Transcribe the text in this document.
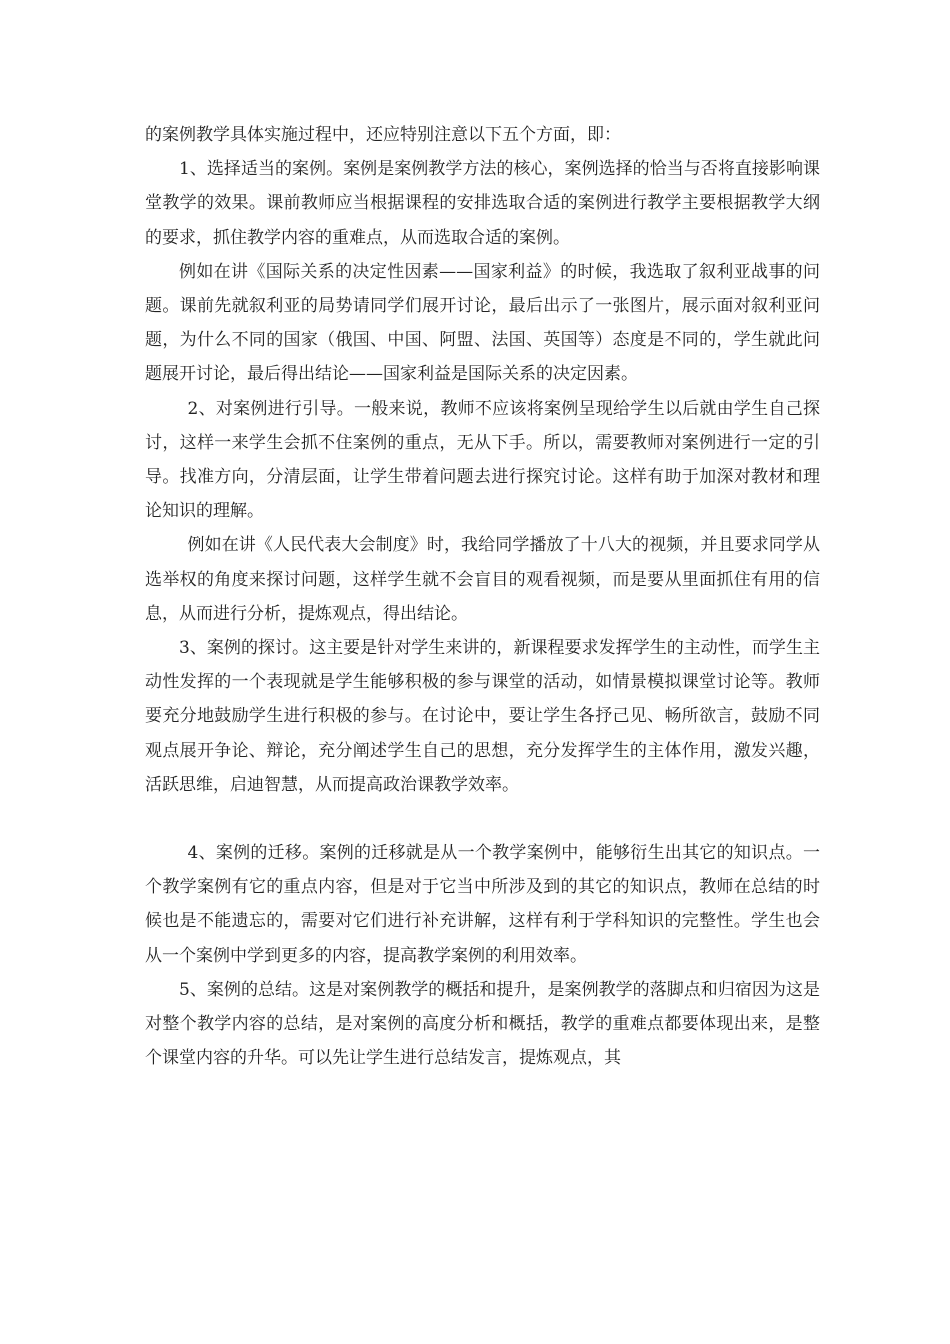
的案例教学具体实施过程中，还应特别注意以下五个方面，即：

1、选择适当的案例。案例是案例教学方法的核心，案例选择的恰当与否将直接影响课堂教学的效果。课前教师应当根据课程的安排选取合适的案例进行教学主要根据教学大纲的要求，抓住教学内容的重难点，从而选取合适的案例。

例如在讲《国际关系的决定性因素——国家利益》的时候，我选取了叙利亚战事的问题。课前先就叙利亚的局势请同学们展开讨论，最后出示了一张图片，展示面对叙利亚问题，为什么不同的国家（俄国、中国、阿盟、法国、英国等）态度是不同的，学生就此问题展开讨论，最后得出结论——国家利益是国际关系的决定因素。

2、对案例进行引导。一般来说，教师不应该将案例呈现给学生以后就由学生自己探讨，这样一来学生会抓不住案例的重点，无从下手。所以，需要教师对案例进行一定的引导。找准方向，分清层面，让学生带着问题去进行探究讨论。这样有助于加深对教材和理论知识的理解。

例如在讲《人民代表大会制度》时，我给同学播放了十八大的视频，并且要求同学从选举权的角度来探讨问题，这样学生就不会盲目的观看视频，而是要从里面抓住有用的信息，从而进行分析，提炼观点，得出结论。

3、案例的探讨。这主要是针对学生来讲的，新课程要求发挥学生的主动性，而学生主动性发挥的一个表现就是学生能够积极的参与课堂的活动，如情景模拟课堂讨论等。教师要充分地鼓励学生进行积极的参与。在讨论中，要让学生各抒己见、畅所欲言，鼓励不同观点展开争论、辩论，充分阐述学生自己的思想，充分发挥学生的主体作用，激发兴趣，活跃思维，启迪智慧，从而提高政治课教学效率。

4、案例的迁移。案例的迁移就是从一个教学案例中，能够衍生出其它的知识点。一个教学案例有它的重点内容，但是对于它当中所涉及到的其它的知识点，教师在总结的时候也是不能遗忘的，需要对它们进行补充讲解，这样有利于学科知识的完整性。学生也会从一个案例中学到更多的内容，提高教学案例的利用效率。

5、案例的总结。这是对案例教学的概括和提升，是案例教学的落脚点和归宿因为这是对整个教学内容的总结，是对案例的高度分析和概括，教学的重难点都要体现出来，是整个课堂内容的升华。可以先让学生进行总结发言，提炼观点，其
